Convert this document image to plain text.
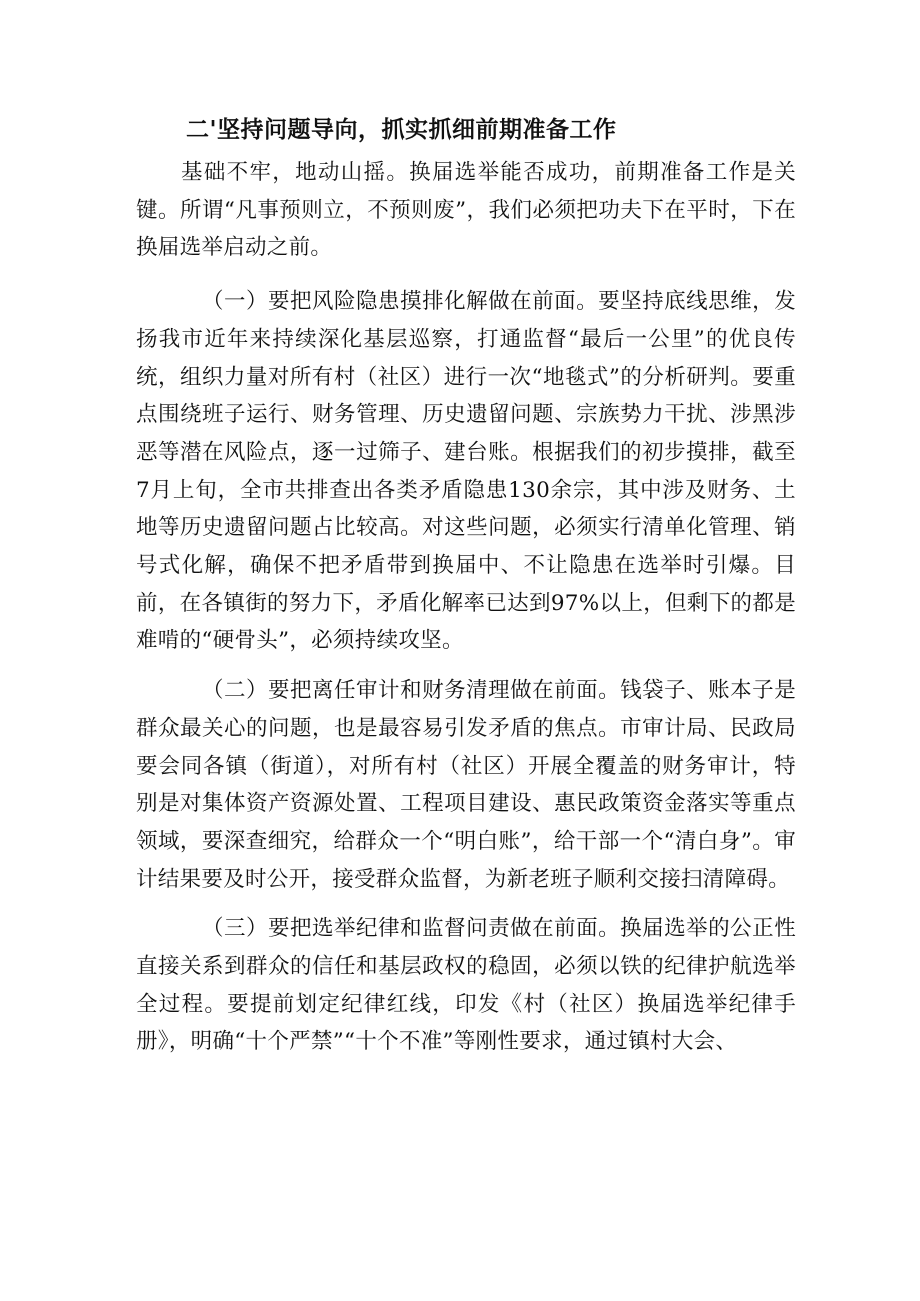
二'坚持问题导向，抓实抓细前期准备工作

基础不牢，地动山摇。换届选举能否成功，前期准备工作是关键。所谓“凡事预则立，不预则废”，我们必须把功夫下在平时，下在换届选举启动之前。

（一）要把风险隐患摸排化解做在前面。要坚持底线思维，发扬我市近年来持续深化基层巡察，打通监督“最后一公里”的优良传统，组织力量对所有村（社区）进行一次“地毯式”的分析研判。要重点围绕班子运行、财务管理、历史遗留问题、宗族势力干扰、涉黑涉恶等潜在风险点，逐一过筛子、建台账。根据我们的初步摸排，截至7月上旬，全市共排查出各类矛盾隐患130余宗，其中涉及财务、土地等历史遗留问题占比较高。对这些问题，必须实行清单化管理、销号式化解，确保不把矛盾带到换届中、不让隐患在选举时引爆。目前，在各镇街的努力下，矛盾化解率已达到97%以上，但剩下的都是难啃的“硬骨头”，必须持续攻坚。

（二）要把离任审计和财务清理做在前面。钱袋子、账本子是群众最关心的问题，也是最容易引发矛盾的焦点。市审计局、民政局要会同各镇（街道），对所有村（社区）开展全覆盖的财务审计，特别是对集体资产资源处置、工程项目建设、惠民政策资金落实等重点领域，要深查细究，给群众一个“明白账”，给干部一个“清白身”。审计结果要及时公开，接受群众监督，为新老班子顺利交接扫清障碍。

（三）要把选举纪律和监督问责做在前面。换届选举的公正性直接关系到群众的信任和基层政权的稳固，必须以铁的纪律护航选举全过程。要提前划定纪律红线，印发《村（社区）换届选举纪律手册》，明确“十个严禁”“十个不准”等刚性要求，通过镇村大会、
